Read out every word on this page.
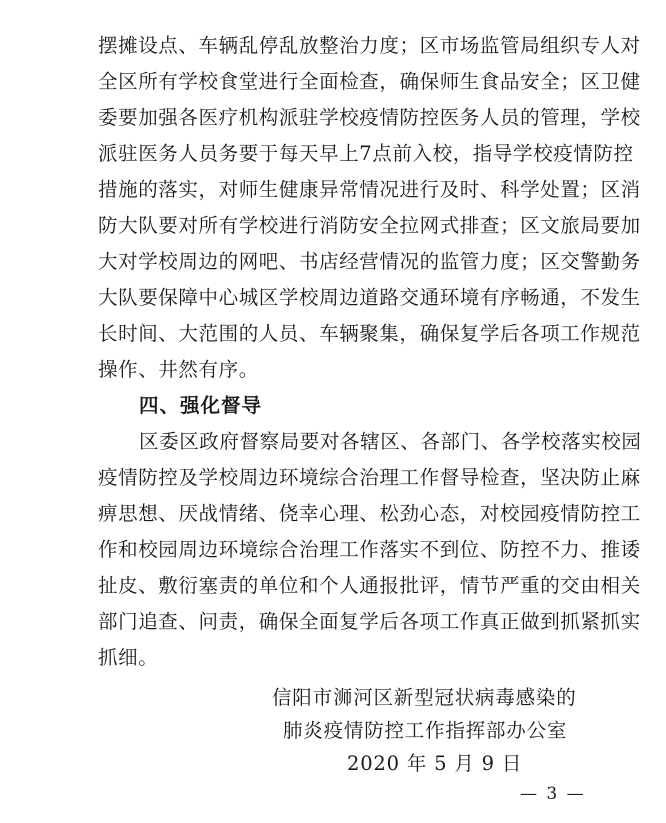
摆摊设点、车辆乱停乱放整治力度；区市场监管局组织专人对
全区所有学校食堂进行全面检查，确保师生食品安全；区卫健
委要加强各医疗机构派驻学校疫情防控医务人员的管理，学校
派驻医务人员务要于每天早上7点前入校，指导学校疫情防控
措施的落实，对师生健康异常情况进行及时、科学处置；区消
防大队要对所有学校进行消防安全拉网式排查；区文旅局要加
大对学校周边的网吧、书店经营情况的监管力度；区交警勤务
大队要保障中心城区学校周边道路交通环境有序畅通，不发生
长时间、大范围的人员、车辆聚集，确保复学后各项工作规范
操作、井然有序。
四、强化督导
区委区政府督察局要对各辖区、各部门、各学校落实校园
疫情防控及学校周边环境综合治理工作督导检查，坚决防止麻
痹思想、厌战情绪、侥幸心理、松劲心态，对校园疫情防控工
作和校园周边环境综合治理工作落实不到位、防控不力、推诿
扯皮、敷衍塞责的单位和个人通报批评，情节严重的交由相关
部门追查、问责，确保全面复学后各项工作真正做到抓紧抓实
抓细。
信阳市浉河区新型冠状病毒感染的
肺炎疫情防控工作指挥部办公室
2020 年 5 月 9 日
— 3 —
